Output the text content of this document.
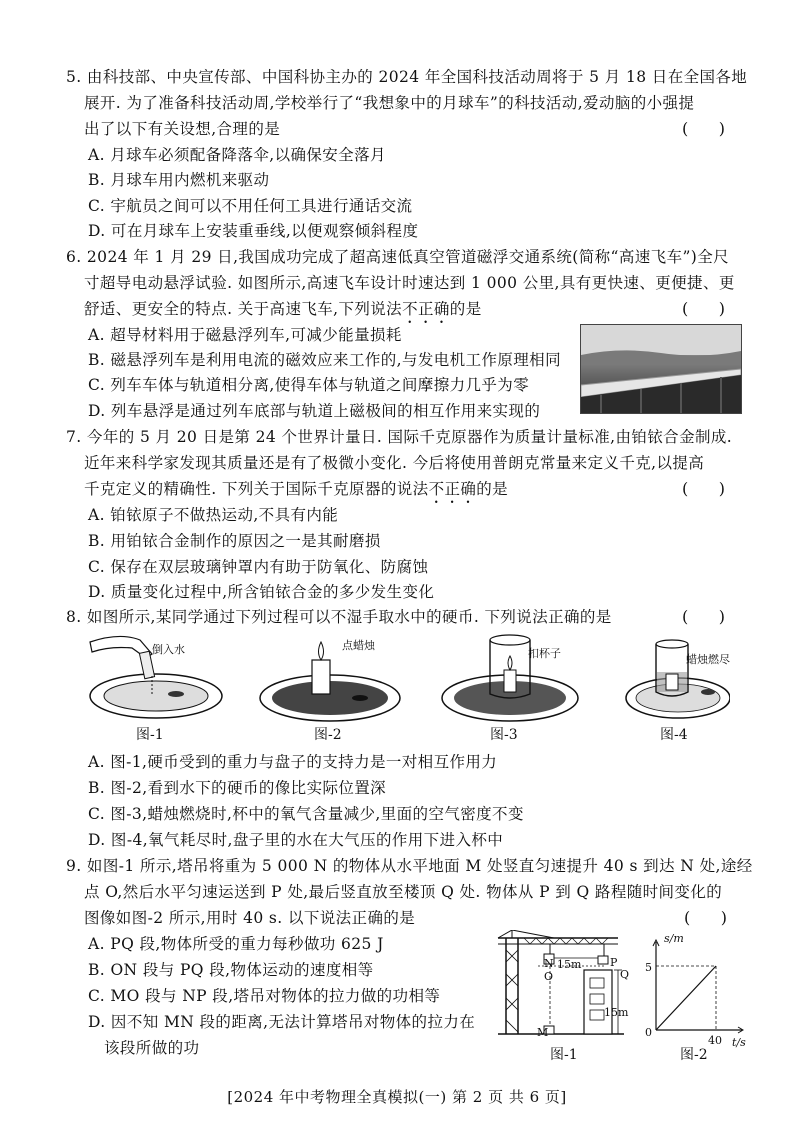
5. 由科技部、中央宣传部、中国科协主办的 2024 年全国科技活动周将于 5 月 18 日在全国各地
展开. 为了准备科技活动周,学校举行了“我想象中的月球车”的科技活动,爱动脑的小强提
出了以下有关设想,合理的是	(      )
A. 月球车必须配备降落伞,以确保安全落月
B. 月球车用内燃机来驱动
C. 宇航员之间可以不用任何工具进行通话交流
D. 可在月球车上安装重垂线,以便观察倾斜程度
6. 2024 年 1 月 29 日,我国成功完成了超高速低真空管道磁浮交通系统(简称“高速飞车”)全尺
寸超导电动悬浮试验. 如图所示,高速飞车设计时速达到 1 000 公里,具有更快速、更便捷、更
舒适、更安全的特点. 关于高速飞车,下列说法不正确的是	(      )
A. 超导材料用于磁悬浮列车,可减少能量损耗
B. 磁悬浮列车是利用电流的磁效应来工作的,与发电机工作原理相同
C. 列车车体与轨道相分离,使得车体与轨道之间摩擦力几乎为零
D. 列车悬浮是通过列车底部与轨道上磁极间的相互作用来实现的
7. 今年的 5 月 20 日是第 24 个世界计量日. 国际千克原器作为质量计量标准,由铂铱合金制成.
近年来科学家发现其质量还是有了极微小变化. 今后将使用普朗克常量来定义千克,以提高
千克定义的精确性. 下列关于国际千克原器的说法不正确的是	(      )
A. 铂铱原子不做热运动,不具有内能
B. 用铂铱合金制作的原因之一是其耐磨损
C. 保存在双层玻璃钟罩内有助于防氧化、防腐蚀
D. 质量变化过程中,所含铂铱合金的多少发生变化
8. 如图所示,某同学通过下列过程可以不湿手取水中的硬币. 下列说法正确的是	(      )
倒入水	点蜡烛
扣杯子	蜡烛燃尽
图-1	图-2	图-3	图-4
A. 图-1,硬币受到的重力与盘子的支持力是一对相互作用力
B. 图-2,看到水下的硬币的像比实际位置深
C. 图-3,蜡烛燃烧时,杯中的氧气含量减少,里面的空气密度不变
D. 图-4,氧气耗尽时,盘子里的水在大气压的作用下进入杯中
9. 如图-1 所示,塔吊将重为 5 000 N 的物体从水平地面 M 处竖直匀速提升 40 s 到达 N 处,途经
点 O,然后水平匀速运送到 P 处,最后竖直放至楼顶 Q 处. 物体从 P 到 Q 路程随时间变化的
图像如图-2 所示,用时 40 s. 以下说法正确的是	(      )
A. PQ 段,物体所受的重力每秒做功 625 J
B. ON 段与 PQ 段,物体运动的速度相等
C. MO 段与 NP 段,塔吊对物体的拉力做的功相等
D. 因不知 MN 段的距离,无法计算塔吊对物体的拉力在
该段所做的功
N 15m	P
O	Q
15m
M
图-1
s/m
5
0
40 t/s
图-2
[2024 年中考物理全真模拟(一) 第 2 页 共 6 页]
